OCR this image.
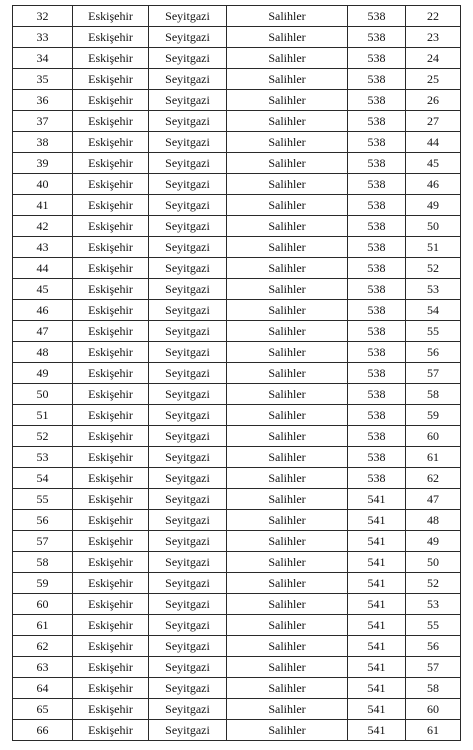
32	Eskişehir	Seyitgazi	Salihler	538	22
33	Eskişehir	Seyitgazi	Salihler	538	23
34	Eskişehir	Seyitgazi	Salihler	538	24
35	Eskişehir	Seyitgazi	Salihler	538	25
36	Eskişehir	Seyitgazi	Salihler	538	26
37	Eskişehir	Seyitgazi	Salihler	538	27
38	Eskişehir	Seyitgazi	Salihler	538	44
39	Eskişehir	Seyitgazi	Salihler	538	45
40	Eskişehir	Seyitgazi	Salihler	538	46
41	Eskişehir	Seyitgazi	Salihler	538	49
42	Eskişehir	Seyitgazi	Salihler	538	50
43	Eskişehir	Seyitgazi	Salihler	538	51
44	Eskişehir	Seyitgazi	Salihler	538	52
45	Eskişehir	Seyitgazi	Salihler	538	53
46	Eskişehir	Seyitgazi	Salihler	538	54
47	Eskişehir	Seyitgazi	Salihler	538	55
48	Eskişehir	Seyitgazi	Salihler	538	56
49	Eskişehir	Seyitgazi	Salihler	538	57
50	Eskişehir	Seyitgazi	Salihler	538	58
51	Eskişehir	Seyitgazi	Salihler	538	59
52	Eskişehir	Seyitgazi	Salihler	538	60
53	Eskişehir	Seyitgazi	Salihler	538	61
54	Eskişehir	Seyitgazi	Salihler	538	62
55	Eskişehir	Seyitgazi	Salihler	541	47
56	Eskişehir	Seyitgazi	Salihler	541	48
57	Eskişehir	Seyitgazi	Salihler	541	49
58	Eskişehir	Seyitgazi	Salihler	541	50
59	Eskişehir	Seyitgazi	Salihler	541	52
60	Eskişehir	Seyitgazi	Salihler	541	53
61	Eskişehir	Seyitgazi	Salihler	541	55
62	Eskişehir	Seyitgazi	Salihler	541	56
63	Eskişehir	Seyitgazi	Salihler	541	57
64	Eskişehir	Seyitgazi	Salihler	541	58
65	Eskişehir	Seyitgazi	Salihler	541	60
66	Eskişehir	Seyitgazi	Salihler	541	61
